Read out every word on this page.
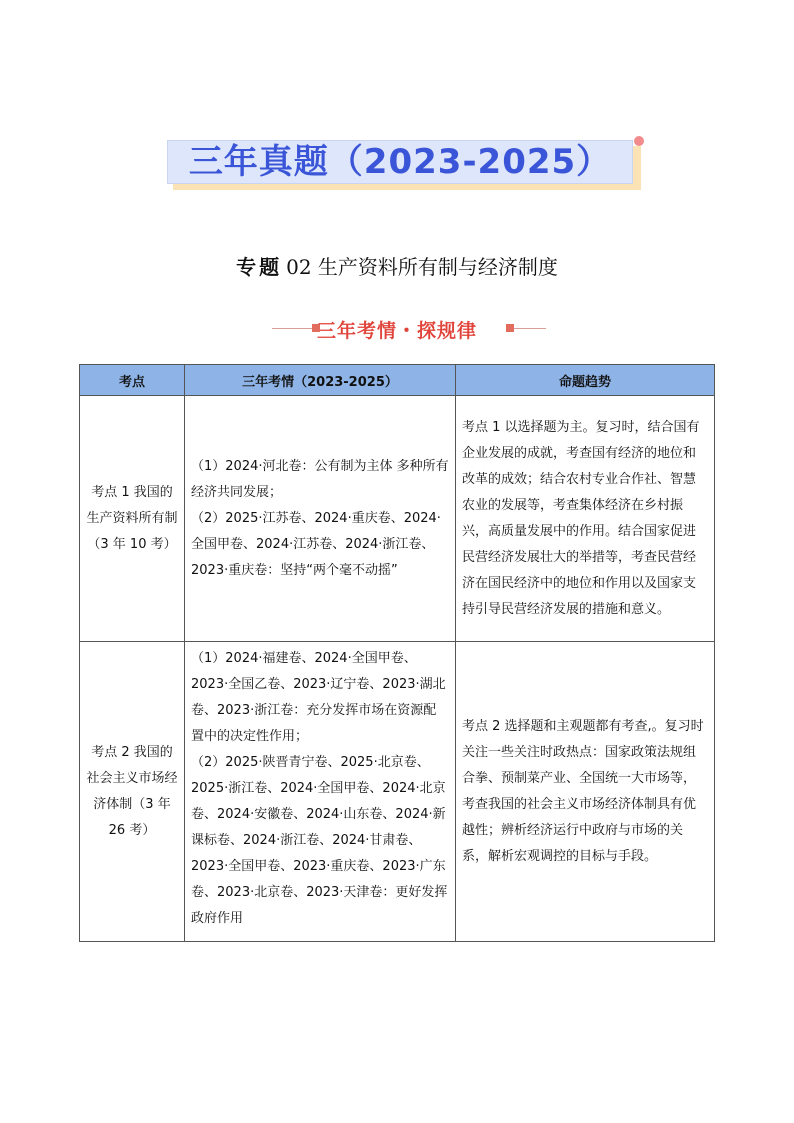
三年真题（2023-2025）
专题 02 生产资料所有制与经济制度
三年考情・探规律
考点	三年考情（2023-2025）	命题趋势
考点 1 我国的生产资料所有制（3 年 10 考）	（1）2024·河北卷：公有制为主体 多种所有经济共同发展；
（2）2025·江苏卷、2024·重庆卷、2024·全国甲卷、2024·江苏卷、2024·浙江卷、2023·重庆卷：坚持“两个毫不动摇”	考点 1 以选择题为主。复习时，结合国有企业发展的成就，考查国有经济的地位和改革的成效；结合农村专业合作社、智慧农业的发展等，考查集体经济在乡村振兴，高质量发展中的作用。结合国家促进民营经济发展壮大的举措等，考查民营经济在国民经济中的地位和作用以及国家支持引导民营经济发展的措施和意义。
考点 2 我国的社会主义市场经济体制（3 年 26 考）	（1）2024·福建卷、2024·全国甲卷、2023·全国乙卷、2023·辽宁卷、2023·湖北卷、2023·浙江卷：充分发挥市场在资源配置中的决定性作用；
（2）2025·陕晋青宁卷、2025·北京卷、2025·浙江卷、2024·全国甲卷、2024·北京卷、2024·安徽卷、2024·山东卷、2024·新课标卷、2024·浙江卷、2024·甘肃卷、2023·全国甲卷、2023·重庆卷、2023·广东卷、2023·北京卷、2023·天津卷：更好发挥政府作用	考点 2 选择题和主观题都有考查,。复习时关注一些关注时政热点：国家政策法规组合拳、预制菜产业、全国统一大市场等，考查我国的社会主义市场经济体制具有优越性；辨析经济运行中政府与市场的关系，解析宏观调控的目标与手段。
